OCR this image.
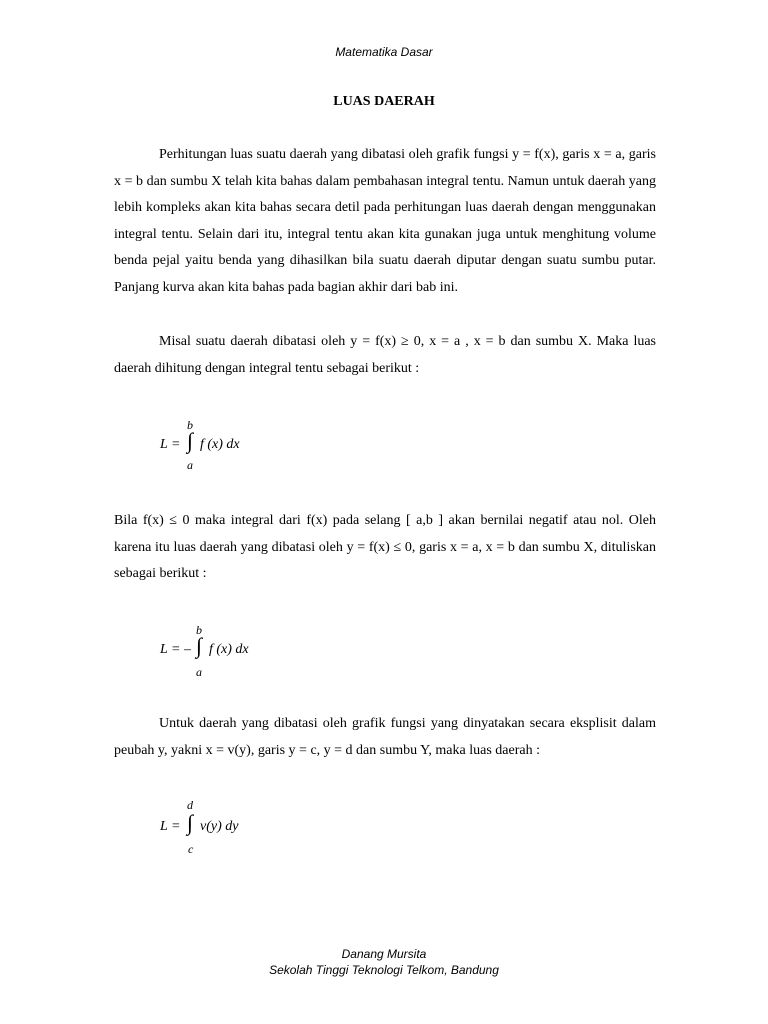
Matematika Dasar
LUAS DAERAH

Perhitungan luas suatu daerah yang dibatasi oleh grafik fungsi y = f(x), garis x = a, garis x = b dan sumbu X telah kita bahas dalam pembahasan integral tentu. Namun untuk daerah yang lebih kompleks akan kita bahas secara detil pada perhitungan luas daerah dengan menggunakan integral tentu. Selain dari itu, integral tentu akan kita gunakan juga untuk menghitung volume benda pejal yaitu benda yang dihasilkan bila suatu daerah diputar dengan suatu sumbu putar. Panjang kurva akan kita bahas pada bagian akhir dari bab ini.

Misal suatu daerah dibatasi oleh y = f(x) ≥ 0, x = a , x = b dan sumbu X. Maka luas daerah dihitung dengan integral tentu sebagai berikut :

b
L = ∫ f (x) dx
a

Bila f(x) ≤ 0 maka integral dari f(x) pada selang [ a,b ] akan bernilai negatif atau nol. Oleh karena itu luas daerah yang dibatasi oleh y = f(x) ≤ 0, garis x = a, x = b dan sumbu X, dituliskan sebagai berikut :

b
L = – ∫ f (x) dx
a

Untuk daerah yang dibatasi oleh grafik fungsi yang dinyatakan secara eksplisit dalam peubah y, yakni x = v(y), garis y = c, y = d dan sumbu Y, maka luas daerah :

d
L = ∫ v(y) dy
c
Danang Mursita
Sekolah Tinggi Teknologi Telkom, Bandung
